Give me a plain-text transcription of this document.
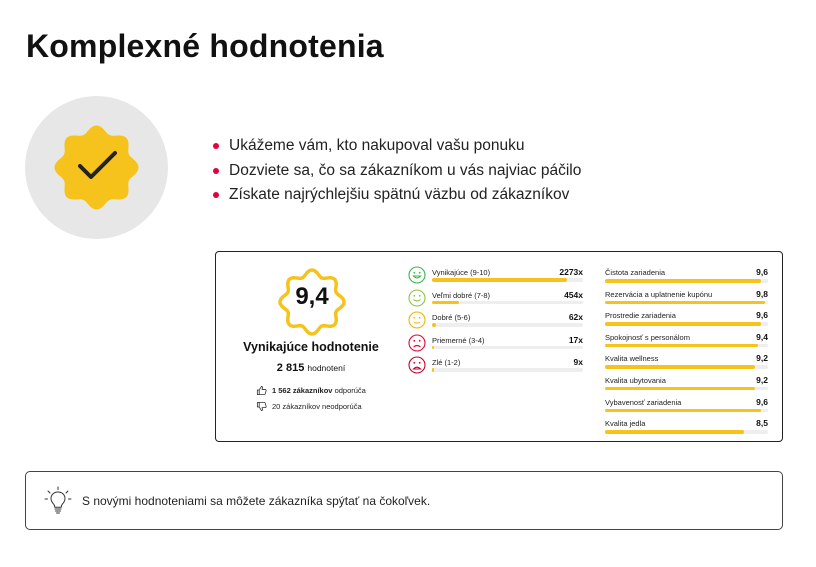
Komplexné hodnotenia
Ukážeme vám, kto nakupoval vašu ponuku
Dozviete sa, čo sa zákazníkom u vás najviac páčilo
Získate najrýchlejšiu spätnú väzbu od zákazníkov
9,4
Vynikajúce hodnotenie
2 815 hodnotení
1 562 zákazníkov odporúča
20 zákazníkov neodporúča
Vynikajúce (9-10)	2273x
Veľmi dobré (7-8)	454x
Dobré (5-6)	62x
Priemerné (3-4)	17x
Zlé (1-2)	9x
Čistota zariadenia	9,6
Rezervácia a uplatnenie kupónu	9,8
Prostredie zariadenia	9,6
Spokojnosť s personálom	9,4
Kvalita wellness	9,2
Kvalita ubytovania	9,2
Vybavenosť zariadenia	9,6
Kvalita jedla	8,5
S novými hodnoteniami sa môžete zákazníka spýtať na čokoľvek.
